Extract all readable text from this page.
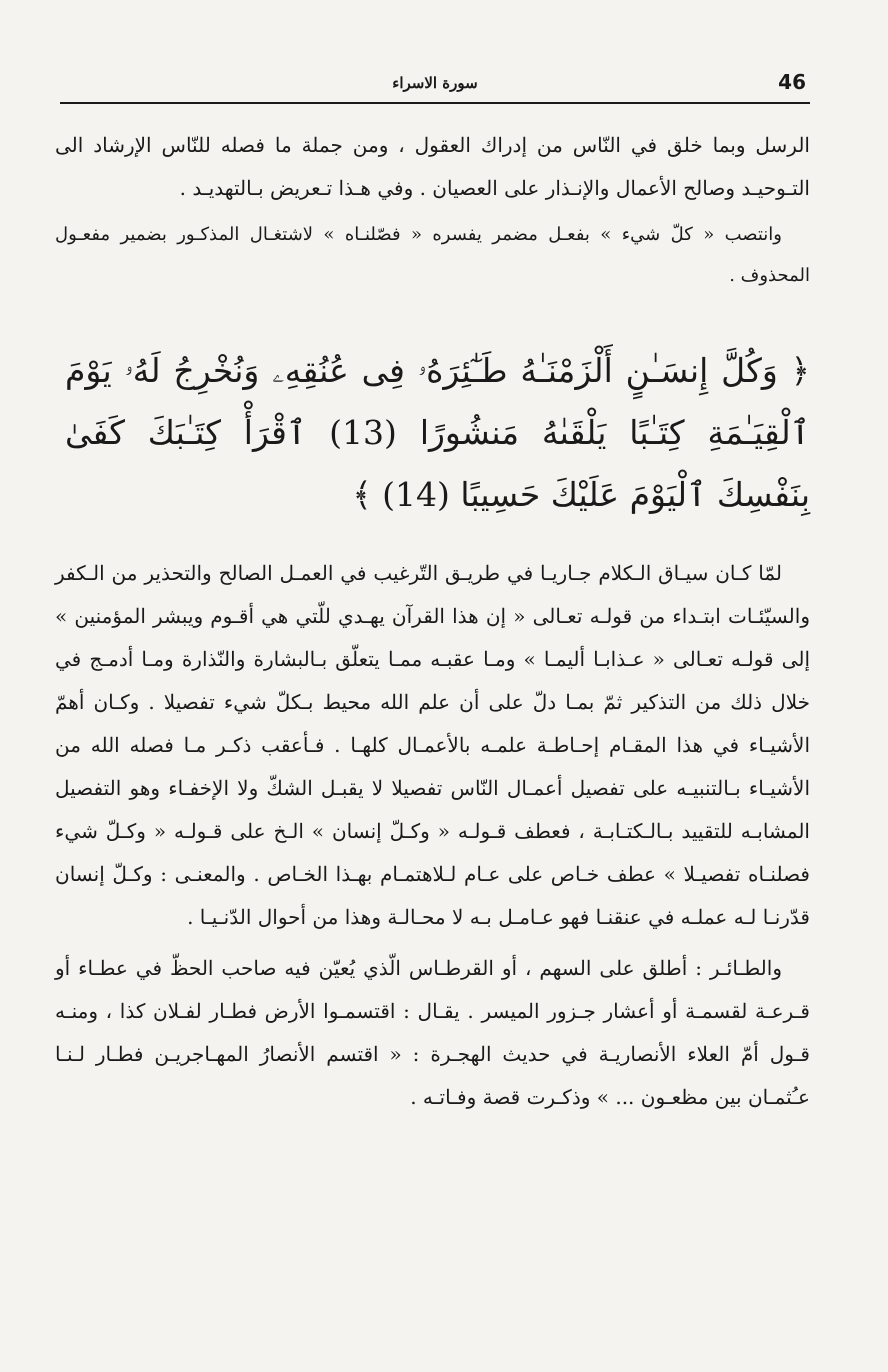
46
سورة الاسراء

الرسل وبما خلق في النّاس من إدراك العقول ، ومن جملة ما فصله للنّاس الإرشاد الى التـوحيـد وصالح الأعمال والإنـذار على العصيان . وفي هـذا تـعريض بـالتهديـد .

وانتصب « كلّ شيء » بفعـل مضمر يفسره « فصّلنـاه » لاشتغـال المذكـور بضمير مفعـول المحذوف .

﴿ وَكُلَّ إِنسَـٰنٍ أَلْزَمْنَـٰهُ طَـٰٓئِرَهُۥ فِى عُنُقِهِۦ وَنُخْرِجُ لَهُۥ يَوْمَ ٱلْقِيَـٰمَةِ كِتَـٰبًا يَلْقَىٰهُ مَنشُورًا (13) ٱقْرَأْ كِتَـٰبَكَ كَفَىٰ بِنَفْسِكَ ٱلْيَوْمَ عَلَيْكَ حَسِيبًا (14) ﴾

لمّا كـان سيـاق الـكلام جـاريـا في طريـق التّرغيب في العمـل الصالح والتحذير من الـكفر والسيّئـات ابتـداء من قولـه تعـالى « إن هذا القرآن يهـدي للّتي هي أقـوم ويبشر المؤمنين » إلى قولـه تعـالى « عـذابـا أليمـا » ومـا عقبـه ممـا يتعلّق بـالبشارة والنّذارة ومـا أدمـج في خلال ذلك من التذكير ثمّ بمـا دلّ على أن علم الله محيط بـكلّ شيء تفصيلا . وكـان أهمّ الأشيـاء في هذا المقـام إحـاطـة علمـه بالأعمـال كلهـا . فـأعقب ذكـر مـا فصله الله من الأشيـاء بـالتنبيـه على تفصيل أعمـال النّاس تفصيلا لا يقبـل الشكّ ولا الإخفـاء وهو التفصيل المشابـه للتقييد بـالـكتـابـة ، فعطف قـولـه « وكـلّ إنسان » الـخ على قـولـه « وكـلّ شيء فصلنـاه تفصيـلا » عطف خـاص على عـام لـلاهتمـام بهـذا الخـاص . والمعنـى : وكـلّ إنسان قدّرنـا لـه عملـه في عنقنـا فهو عـامـل بـه لا محـالـة وهذا من أحوال الدّنـيـا .

والطـائـر : أطلق على السهم ، أو القرطـاس الّذي يُعيّن فيه صاحب الحظّ في عطـاء أو قـرعـة لقسمـة أو أعشار جـزور الميسر . يقـال : اقتسمـوا الأرض فطـار لفـلان كذا ، ومنـه قـول أمّ العلاء الأنصاريـة في حديث الهجـرة : « اقتسم الأنصارُ المهـاجريـن فطـار لـنـا عـُثمـان بين مظعـون ... » وذكـرت قصة وفـاتـه .
